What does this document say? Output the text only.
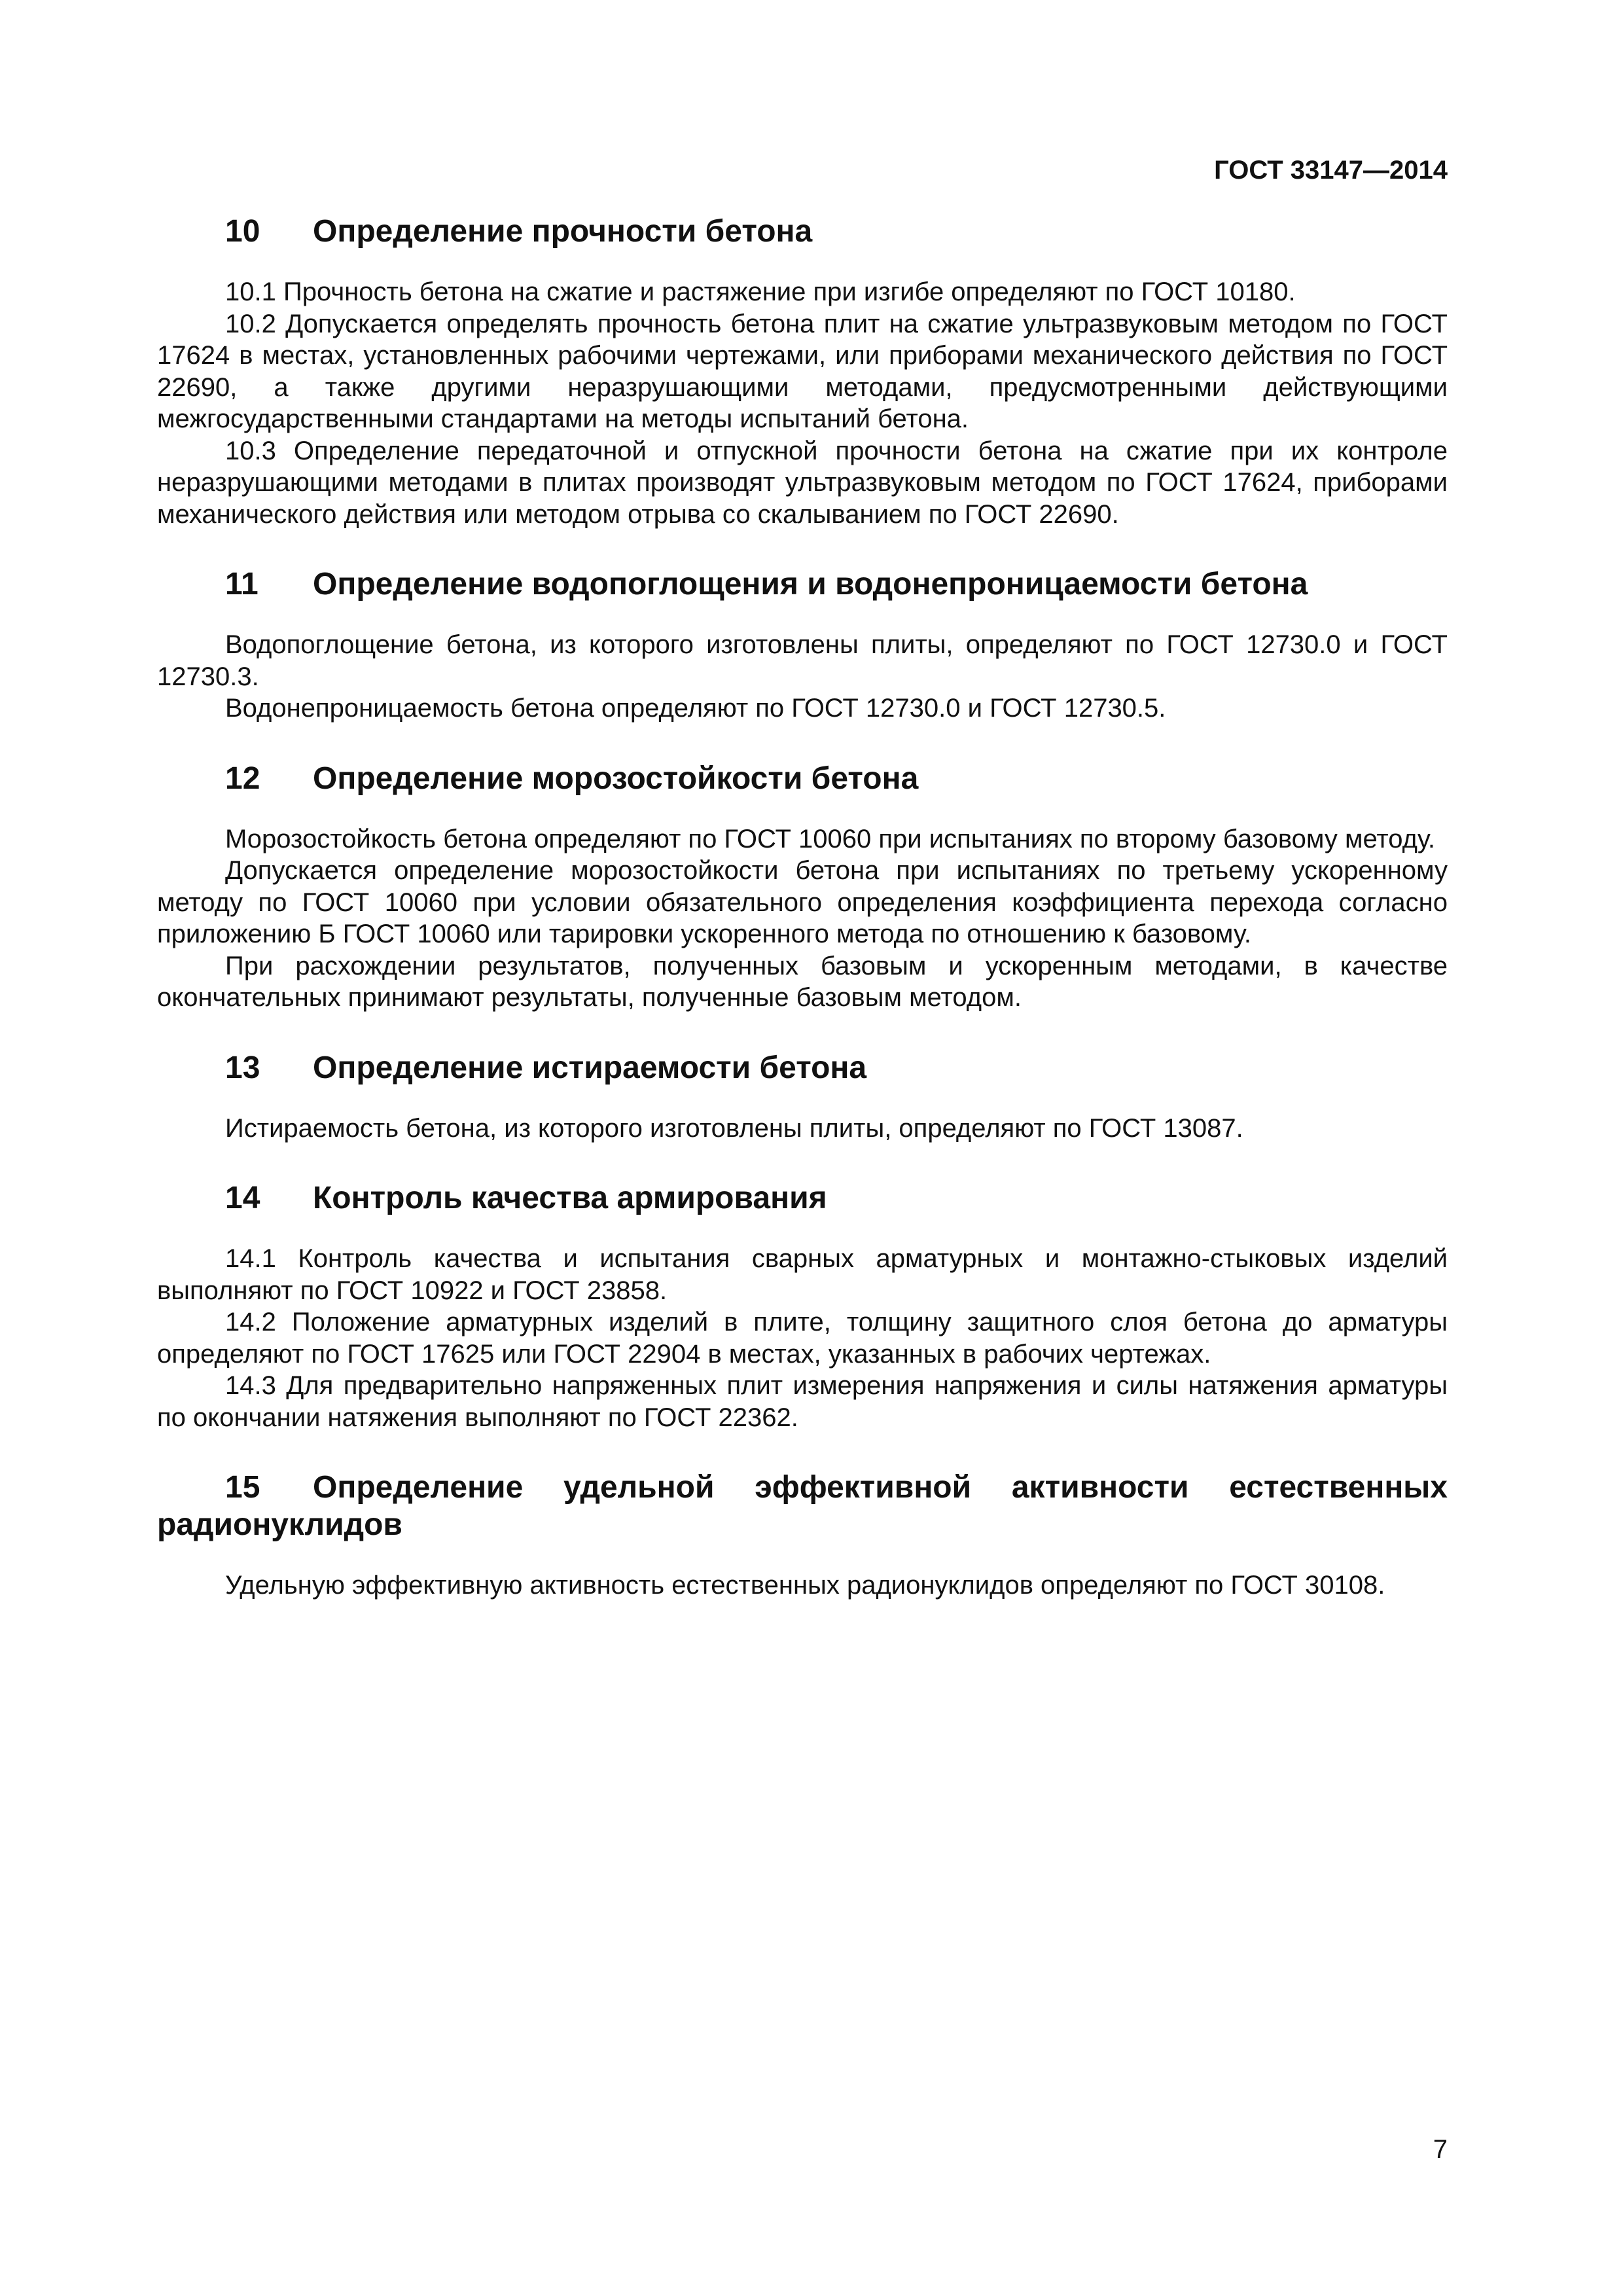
ГОСТ 33147—2014
10 Определение прочности бетона

10.1 Прочность бетона на сжатие и растяжение при изгибе определяют по ГОСТ 10180.

10.2 Допускается определять прочность бетона плит на сжатие ультразвуковым методом по ГОСТ 17624 в местах, установленных рабочими чертежами, или приборами механического действия по ГОСТ 22690, а также другими неразрушающими методами, предусмотренными действующими межгосударственными стандартами на методы испытаний бетона.

10.3 Определение передаточной и отпускной прочности бетона на сжатие при их контроле неразрушающими методами в плитах производят ультразвуковым методом по ГОСТ 17624, приборами механического действия или методом отрыва со скалыванием по ГОСТ 22690.

11 Определение водопоглощения и водонепроницаемости бетона

Водопоглощение бетона, из которого изготовлены плиты, определяют по ГОСТ 12730.0 и ГОСТ 12730.3.

Водонепроницаемость бетона определяют по ГОСТ 12730.0 и ГОСТ 12730.5.

12 Определение морозостойкости бетона

Морозостойкость бетона определяют по ГОСТ 10060 при испытаниях по второму базовому методу.

Допускается определение морозостойкости бетона при испытаниях по третьему ускоренному методу по ГОСТ 10060 при условии обязательного определения коэффициента перехода согласно приложению Б ГОСТ 10060 или тарировки ускоренного метода по отношению к базовому.

При расхождении результатов, полученных базовым и ускоренным методами, в качестве окончательных принимают результаты, полученные базовым методом.

13 Определение истираемости бетона

Истираемость бетона, из которого изготовлены плиты, определяют по ГОСТ 13087.

14 Контроль качества армирования

14.1 Контроль качества и испытания сварных арматурных и монтажно-стыковых изделий выполняют по ГОСТ 10922 и ГОСТ 23858.

14.2 Положение арматурных изделий в плите, толщину защитного слоя бетона до арматуры определяют по ГОСТ 17625 или ГОСТ 22904 в местах, указанных в рабочих чертежах.

14.3 Для предварительно напряженных плит измерения напряжения и силы натяжения арматуры по окончании натяжения выполняют по ГОСТ 22362.

15 Определение удельной эффективной активности естественных радионуклидов

Удельную эффективную активность естественных радионуклидов определяют по ГОСТ 30108.

7
